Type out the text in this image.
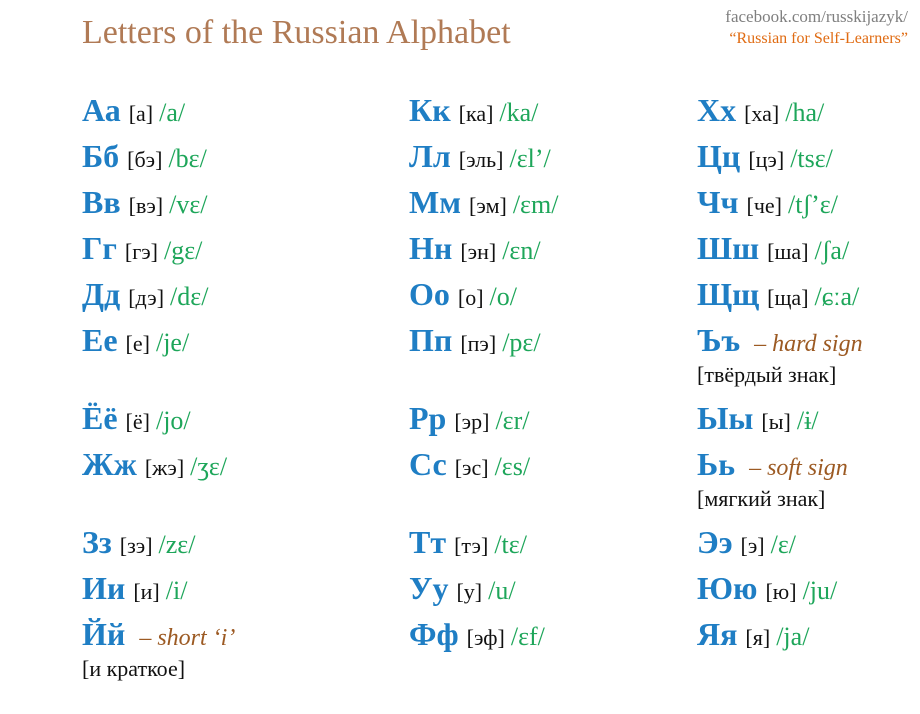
Letters of the Russian Alphabet	facebook.com/russkijazyk/
“Russian for Self-Learners”
Аа [а] /a/
Бб [бэ] /bɛ/
Вв [вэ] /vɛ/
Гг [гэ] /gɛ/
Дд [дэ] /dɛ/
Ее [е] /je/
Ёё [ё] /jo/
Жж [жэ] /ʒɛ/
Зз [зэ] /zɛ/
Ии [и] /i/
Йй – short ‘i’
[и краткое]
Кк [ка] /ka/
Лл [эль] /ɛl’/
Мм [эм] /ɛm/
Нн [эн] /ɛn/
Оо [о] /o/
Пп [пэ] /pɛ/
Рр [эр] /ɛr/
Сс [эс] /ɛs/
Тт [тэ] /tɛ/
Уу [у] /u/
Фф [эф] /ɛf/
Хх [ха] /ha/
Цц [цэ] /tsɛ/
Чч [че] /tʃ’ɛ/
Шш [ша] /ʃa/
Щщ [ща] /ɕːa/
Ъъ – hard sign
[твёрдый знак]
Ыы [ы] /ɨ/
Ьь – soft sign
[мягкий знак]
Ээ [э] /ɛ/
Юю [ю] /ju/
Яя [я] /ja/
